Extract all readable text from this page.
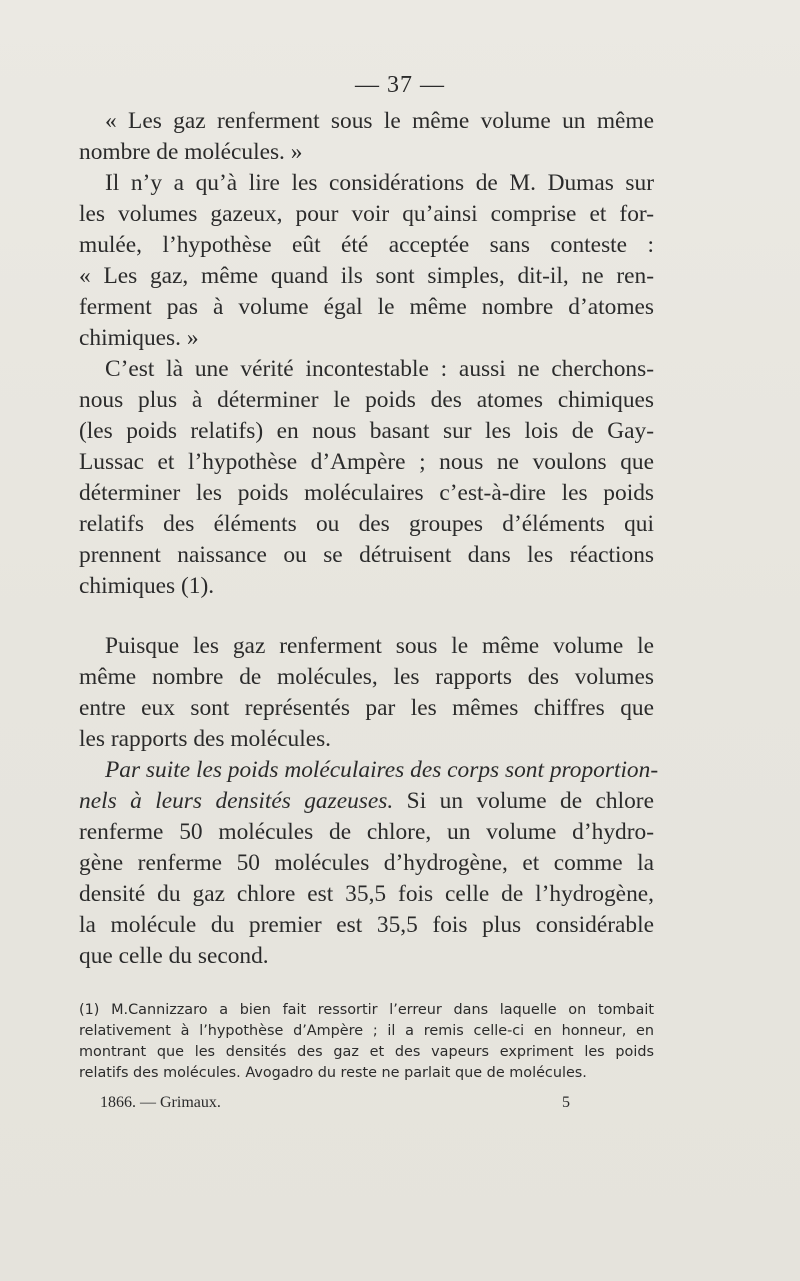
— 37 —
« Les gaz renferment sous le même volume un même
nombre de molécules. »
Il n’y a qu’à lire les considérations de M. Dumas sur
les volumes gazeux, pour voir qu’ainsi comprise et for-
mulée, l’hypothèse eût été acceptée sans conteste :
« Les gaz, même quand ils sont simples, dit-il, ne ren-
ferment pas à volume égal le même nombre d’atomes
chimiques. »
C’est là une vérité incontestable : aussi ne cherchons-
nous plus à déterminer le poids des atomes chimiques
(les poids relatifs) en nous basant sur les lois de Gay-
Lussac et l’hypothèse d’Ampère ; nous ne voulons que
déterminer les poids moléculaires c’est-à-dire les poids
relatifs des éléments ou des groupes d’éléments qui
prennent naissance ou se détruisent dans les réactions
chimiques (1).
Puisque les gaz renferment sous le même volume le
même nombre de molécules, les rapports des volumes
entre eux sont représentés par les mêmes chiffres que
les rapports des molécules.
Par suite les poids moléculaires des corps sont proportion-
nels à leurs densités gazeuses. Si un volume de chlore
renferme 50 molécules de chlore, un volume d’hydro-
gène renferme 50 molécules d’hydrogène, et comme la
densité du gaz chlore est 35,5 fois celle de l’hydrogène,
la molécule du premier est 35,5 fois plus considérable
que celle du second.
(1) M.Cannizzaro a bien fait ressortir l’erreur dans laquelle on tombait
relativement à l’hypothèse d’Ampère ; il a remis celle-ci en honneur, en
montrant que les densités des gaz et des vapeurs expriment les poids
relatifs des molécules. Avogadro du reste ne parlait que de molécules.
1866. — Grimaux.	5
